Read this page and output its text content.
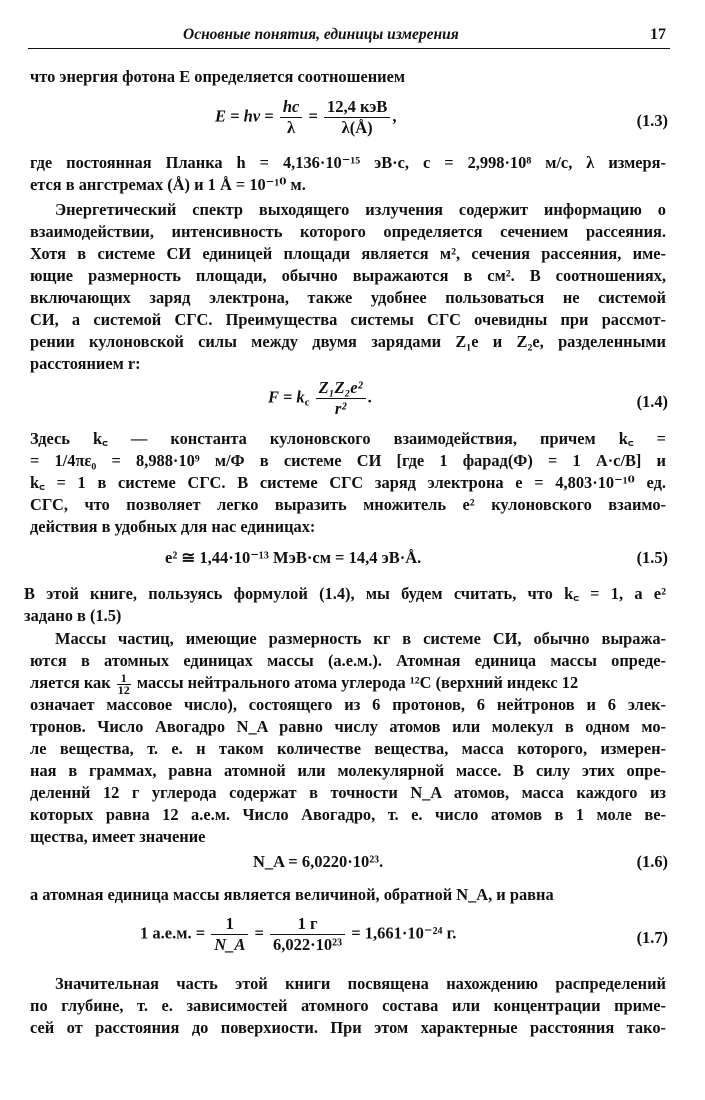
Основные понятия, единицы измерения	17
что энергия фотона E определяется соотношением
$E = h\nu = \frac{hc}{\lambda} = \frac{\text{12,4 кэВ}}{\lambda(Å)}$ ,	(1.3)
где постоянная Планка h = 4,136·10⁻¹⁵ эВ·с, c = 2,998·10⁸ м/с, λ измеря-
ется в ангстремах (Å) и 1 Å = 10⁻¹⁰ м.
Энергетический спектр выходящего излучения содержит информацию о
взаимодействии, интенсивность которого определяется сечением рассеяния.
Хотя в системе СИ единицей площади является м², сечения рассеяния, име-
ющие размерность площади, обычно выражаются в см². В соотношениях,
включающих заряд электрона, также удобнее пользоваться не системой
СИ, а системой СГС. Преимущества системы СГС очевидны при рассмот-
рении кулоновской силы между двумя зарядами Z₁e и Z₂e, разделенными
расстоянием r:
$F = k_c \frac{\text{Z₁Z₂e²}}{\text{r²}}$ .	(1.4)
Здесь k꜀ — константа кулоновского взаимодействия, причем k꜀ =
= 1/4πε₀ = 8,988·10⁹ м/Ф в системе СИ [где 1 фарад(Ф) = 1 А·с/В] и
k꜀ = 1 в системе СГС. В системе СГС заряд электрона e = 4,803·10⁻¹⁰ ед.
СГС, что позволяет легко выразить множитель e² кулоновского взаимо-
действия в удобных для нас единицах:
e² ≅ 1,44·10⁻¹³ МэВ·см = 14,4 эВ·Å.	(1.5)
В этой книге, пользуясь формулой (1.4), мы будем считать, что k꜀ = 1, а e²
задано в (1.5)
Массы частиц, имеющие размерность кг в системе СИ, обычно выража-
ются в атомных единицах массы (а.е.м.). Атомная единица массы опреде-
ляется как $\frac{1}{12}$ массы нейтрального атома углерода ¹²С (верхний индекс 12
означает массовое число), состоящего из 6 протонов, 6 нейтронов и 6 элек-
тронов. Число Авогадро N_A равно числу атомов или молекул в одном мо-
ле вещества, т. е. н таком количестве вещества, масса которого, измерен-
ная в граммах, равна атомной или молекулярной массе. В силу этих опре-
деленнй 12 г углерода содержат в точности N_A атомов, масса каждого из
которых равна 12 а.е.м. Число Авогадро, т. е. число атомов в 1 моле ве-
щества, имеет значение
N_A = 6,0220·10²³.	(1.6)
а атомная единица массы является величиной, обратной N_A, и равна
1 а.е.м. = $\frac{1}{N\_A} = \frac{1 г}{\text{6,022·10²³}} = 1,661\cdot 10^{-24}$ г.	(1.7)
Значительная часть этой книги посвящена нахождению распределений
по глубине, т. е. зависимостей атомного состава или концентрации приме-
сей от расстояния до поверхиости. При этом характерные расстояния тако-
